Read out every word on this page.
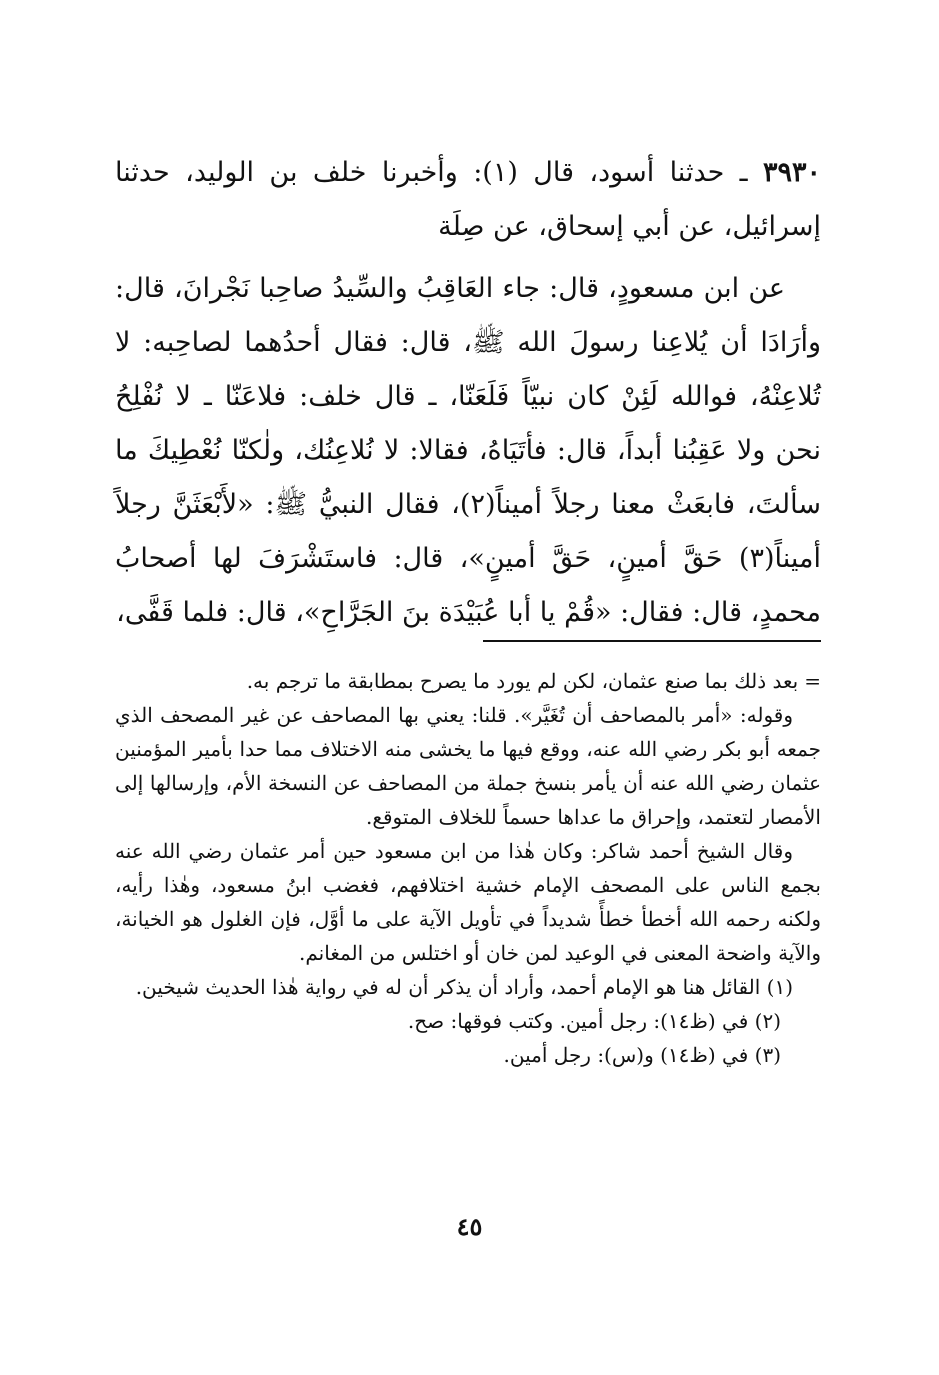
٣٩٣٠ ـ حدثنا أسود، قال (١): وأخبرنا خلف بن الوليد، حدثنا إسرائيل، عن أبي إسحاق، عن صِلَة

عن ابن مسعودٍ، قال: جاء العَاقِبُ والسِّيدُ صاحِبا نَجْرانَ، قال: وأرَادَا أن يُلاعِنا رسولَ الله ﷺ، قال: فقال أحدُهما لصاحِبه: لا تُلاعِنْهُ، فوالله لَئِنْ كان نبيّاً فَلَعَنّا، ـ قال خلف: فلاعَنّا ـ لا نُفْلِحُ نحن ولا عَقِبُنا أبداً، قال: فأتَيَاهُ، فقالا: لا نُلاعِنُك، ولٰكنّا نُعْطِيكَ ما سألتَ، فابعَثْ معنا رجلاً أميناً(٢)، فقال النبيُّ ﷺ: «لأَبْعَثَنَّ رجلاً أميناً(٣) حَقَّ أمينٍ، حَقَّ أمينٍ»، قال: فاستَشْرَفَ لها أصحابُ محمدٍ، قال: فقال: «قُمْ يا أبا عُبَيْدَة بنَ الجَرَّاحِ»، قال: فلما قَفَّى،

=بعد ذلك بما صنع عثمان، لكن لم يورد ما يصرح بمطابقة ما ترجم به.

وقوله: «أمر بالمصاحف أن تُغَيَّر». قلنا: يعني بها المصاحف عن غير المصحف الذي جمعه أبو بكر رضي الله عنه، ووقع فيها ما يخشى منه الاختلاف مما حدا بأمير المؤمنين عثمان رضي الله عنه أن يأمر بنسخ جملة من المصاحف عن النسخة الأم، وإرسالها إلى الأمصار لتعتمد، وإحراق ما عداها حسماً للخلاف المتوقع.

وقال الشيخ أحمد شاكر: وكان هٰذا من ابن مسعود حين أمر عثمان رضي الله عنه بجمع الناس على المصحف الإمام خشية اختلافهم، فغضب ابنُ مسعود، وهٰذا رأيه، ولكنه رحمه الله أخطأ خطأً شديداً في تأويل الآية على ما أوَّل، فإن الغلول هو الخيانة، والآية واضحة المعنى في الوعيد لمن خان أو اختلس من المغانم.

(١) القائل هنا هو الإمام أحمد، وأراد أن يذكر أن له في رواية هٰذا الحديث شيخين.

(٢) في (ظ١٤): رجل أمين. وكتب فوقها: صح.

(٣) في (ظ١٤) و(س): رجل أمين.

٤٥
